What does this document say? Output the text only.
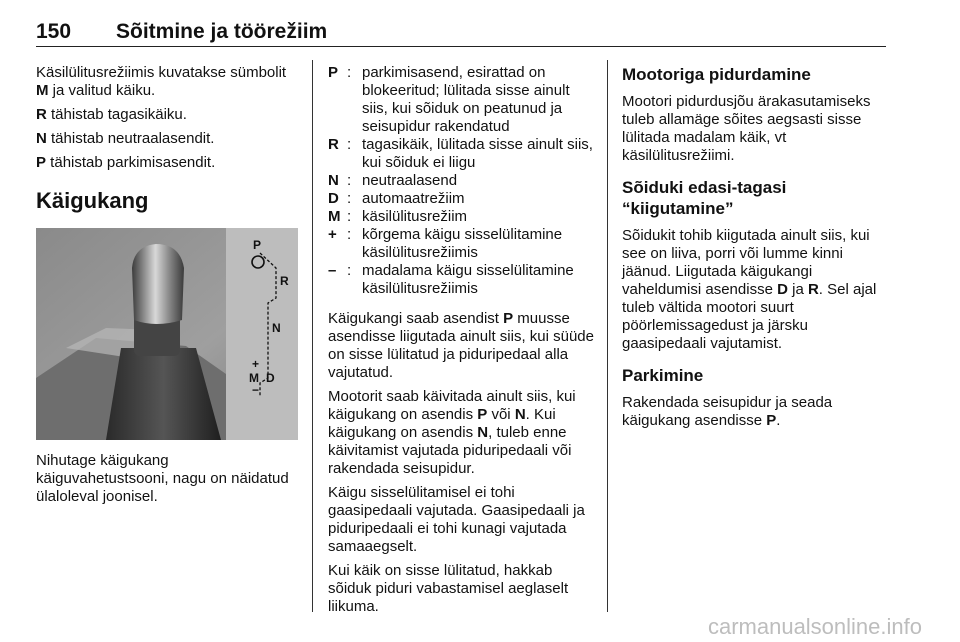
150 Sõitmine ja töörežiim

Käsilülitusrežiimis kuvatakse sümbolit M ja valitud käiku.

R tähistab tagasikäiku.

N tähistab neutraalasendit.

P tähistab parkimisasendit.

Käigukang
P
R
N
+
M D
−

Nihutage käigukang käiguvahetustsooni, nagu on näidatud ülaloleval joonisel.

P : parkimisasend, esirattad on blokeeritud; lülitada sisse ainult siis, kui sõiduk on peatunud ja seisupidur rakendatud
R : tagasikäik, lülitada sisse ainult siis, kui sõiduk ei liigu
N : neutraalasend
D : automaatrežiim
M : käsilülitusrežiim
+ : kõrgema käigu sisselülitamine käsilülitusrežiimis
– : madalama käigu sisselülitamine käsilülitusrežiimis

Käigukangi saab asendist P muusse asendisse liigutada ainult siis, kui süüde on sisse lülitatud ja piduripedaal alla vajutatud.

Mootorit saab käivitada ainult siis, kui käigukang on asendis P või N. Kui käigukang on asendis N, tuleb enne käivitamist vajutada piduripedaali või rakendada seisupidur.

Käigu sisselülitamisel ei tohi gaasipedaali vajutada. Gaasipedaali ja piduripedaali ei tohi kunagi vajutada samaaegselt.

Kui käik on sisse lülitatud, hakkab sõiduk piduri vabastamisel aeglaselt liikuma.

Mootoriga pidurdamine

Mootori pidurdusjõu ärakasutamiseks tuleb allamäge sõites aegsasti sisse lülitada madalam käik, vt käsilülitusrežiimi.

Sõiduki edasi-tagasi “kiigutamine”

Sõidukit tohib kiigutada ainult siis, kui see on liiva, porri või lumme kinni jäänud. Liigutada käigukangi vaheldumisi asendisse D ja R. Sel ajal tuleb vältida mootori suurt pöörlemissagedust ja järsku gaasipedaali vajutamist.

Parkimine

Rakendada seisupidur ja seada käigukang asendisse P.

carmanualsonline.info
